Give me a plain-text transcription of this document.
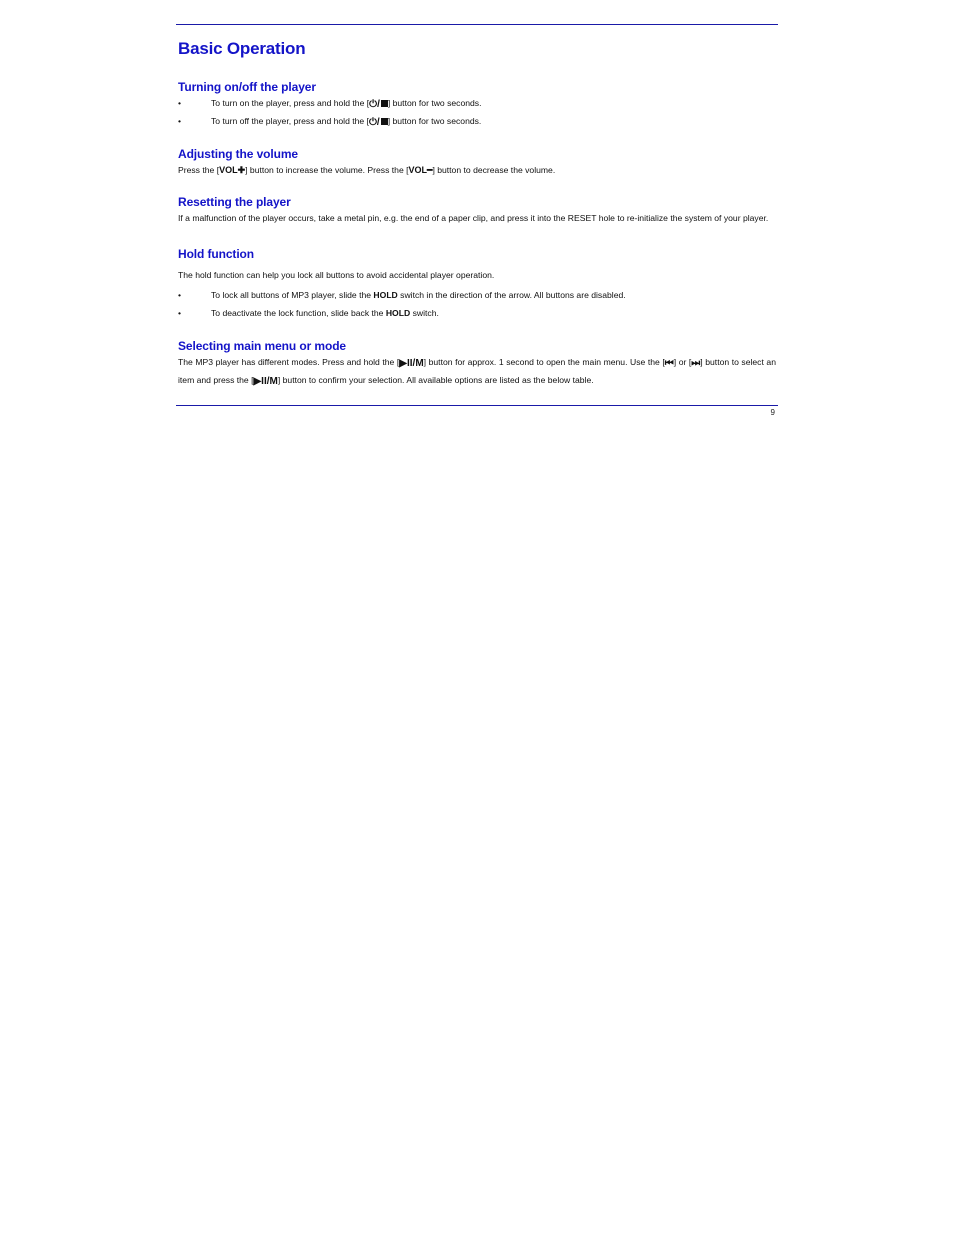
Basic Operation
Turning on/off the player
•	To turn on the player, press and hold the [⏻/ ] button for two seconds.
•	To turn off the player, press and hold the [⏻/ ] button for two seconds.
Adjusting the volume

Press the [VOL✚] button to increase the volume. Press the [VOL━] button to decrease the volume.

Resetting the player

If a malfunction of the player occurs, take a metal pin, e.g. the end of a paper clip, and press it into the RESET hole to re-initialize the system of your player.

Hold function

The hold function can help you lock all buttons to avoid accidental player operation.

•	To lock all buttons of MP3 player, slide the HOLD switch in the direction of the arrow. All buttons are disabled.
•	To deactivate the lock function, slide back the HOLD switch.
Selecting main menu or mode

The MP3 player has different modes. Press and hold the [▶II/M] button for approx. 1 second to open the main menu. Use the [⏮] or [⏭] button to select an item and press the [▶II/M] button to confirm your selection. All available options are listed as the below table.

9
